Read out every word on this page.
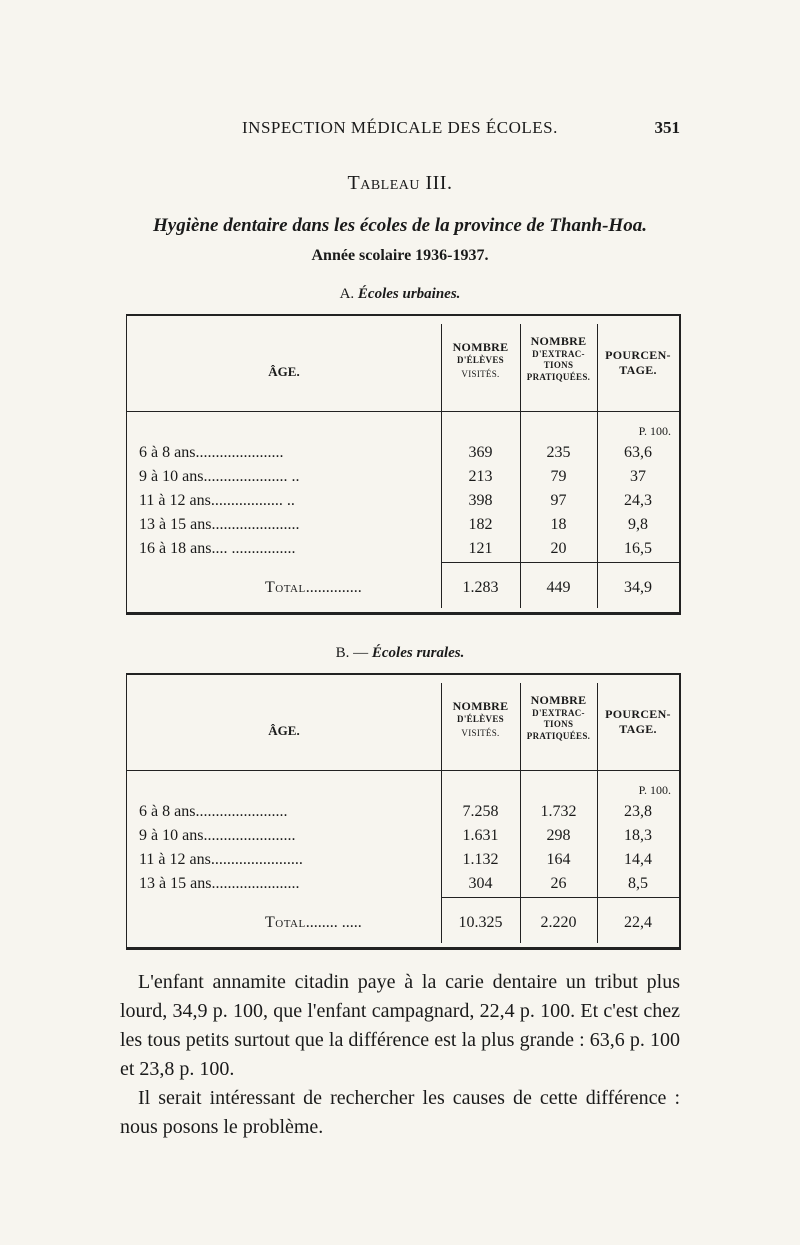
INSPECTION MÉDICALE DES ÉCOLES.	351
Tableau III.
Hygiène dentaire dans les écoles de la province de Thanh-Hoa.
Année scolaire 1936-1937.
A. Écoles urbaines.
ÂGE.
NOMBRE
D'ÉLÈVES
VISITÉS.
NOMBRE
D'EXTRAC-
TIONS
PRATIQUÉES.
POURCEN-
TAGE.
P. 100.
6 à 8 ans......................	369	235	63,6
9 à 10 ans..................... ..	213	79	37
11 à 12 ans.................. ..	398	97	24,3
13 à 15 ans......................	182	18	9,8
16 à 18 ans.... ................	121	20	16,5
Total..............	1.283	449	34,9
B. — Écoles rurales.
ÂGE.
NOMBRE
D'ÉLÈVES
VISITÉS.
NOMBRE
D'EXTRAC-
TIONS
PRATIQUÉES.
POURCEN-
TAGE.
P. 100.
6 à 8 ans.......................	7.258	1.732	23,8
9 à 10 ans.......................	1.631	298	18,3
11 à 12 ans.......................	1.132	164	14,4
13 à 15 ans......................	304	26	8,5
Total........ .....	10.325	2.220	22,4

L'enfant annamite citadin paye à la carie dentaire un tribut plus lourd, 34,9 p. 100, que l'enfant campagnard, 22,4 p. 100. Et c'est chez les tous petits surtout que la différence est la plus grande : 63,6 p. 100 et 23,8 p. 100.

Il serait intéressant de rechercher les causes de cette différence : nous posons le problème.
